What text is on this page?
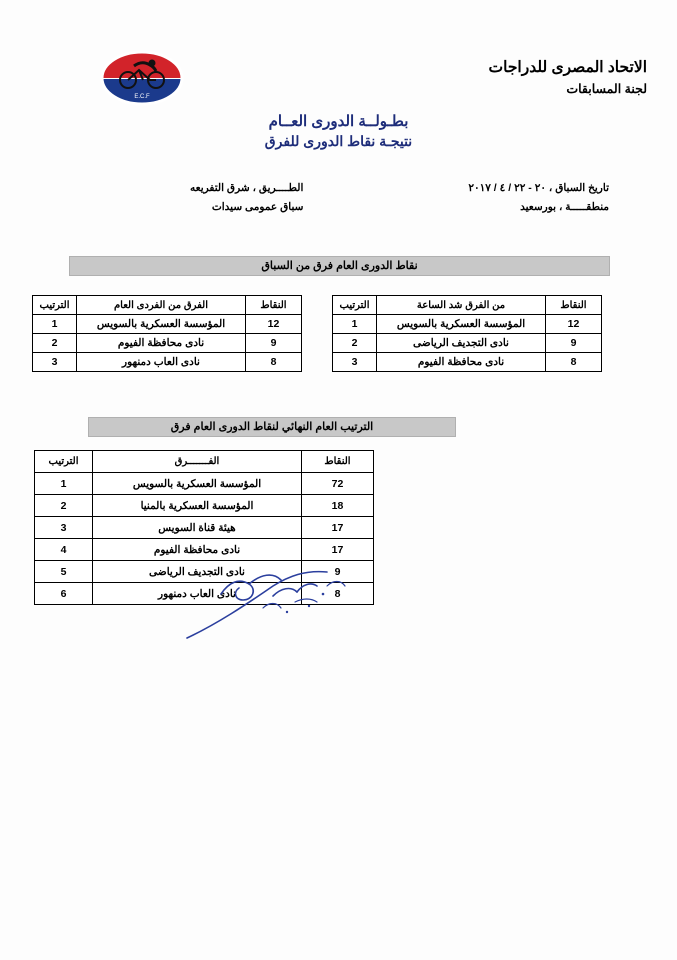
E.C.F
الاتحاد المصرى للدراجات
لجنة المسابقات
بطـولــة الدورى العــام
نتيجـة نقاط الدورى للفرق
تاريخ السباق ، ٢٠ - ٢٢ / ٤ / ٢٠١٧
منطقـــــة ، بورسعيد
الطــــريق ، شرق التفريعه
سباق عمومى سيدات
نقاط الدورى العام فرق من السباق
النقاط	الفرق من الفردى العام	الترتيب
12	المؤسسة العسكرية بالسويس	1
9	نادى محافظة الفيوم	2
8	نادى العاب دمنهور	3
النقاط	من الفرق شد الساعة	الترتيب
12	المؤسسة العسكرية بالسويس	1
9	نادى التجديف الرياضى	2
8	نادى محافظة الفيوم	3
الترتيب العام النهائي لنقاط الدورى العام فرق
النقاط	الفـــــــرق	الترتيب
72	المؤسسة العسكرية بالسويس	1
18	المؤسسة العسكرية بالمنيا	2
17	هيئة قناة السويس	3
17	نادى محافظة الفيوم	4
9	نادى التجديف الرياضى	5
8	نادى العاب دمنهور	6
